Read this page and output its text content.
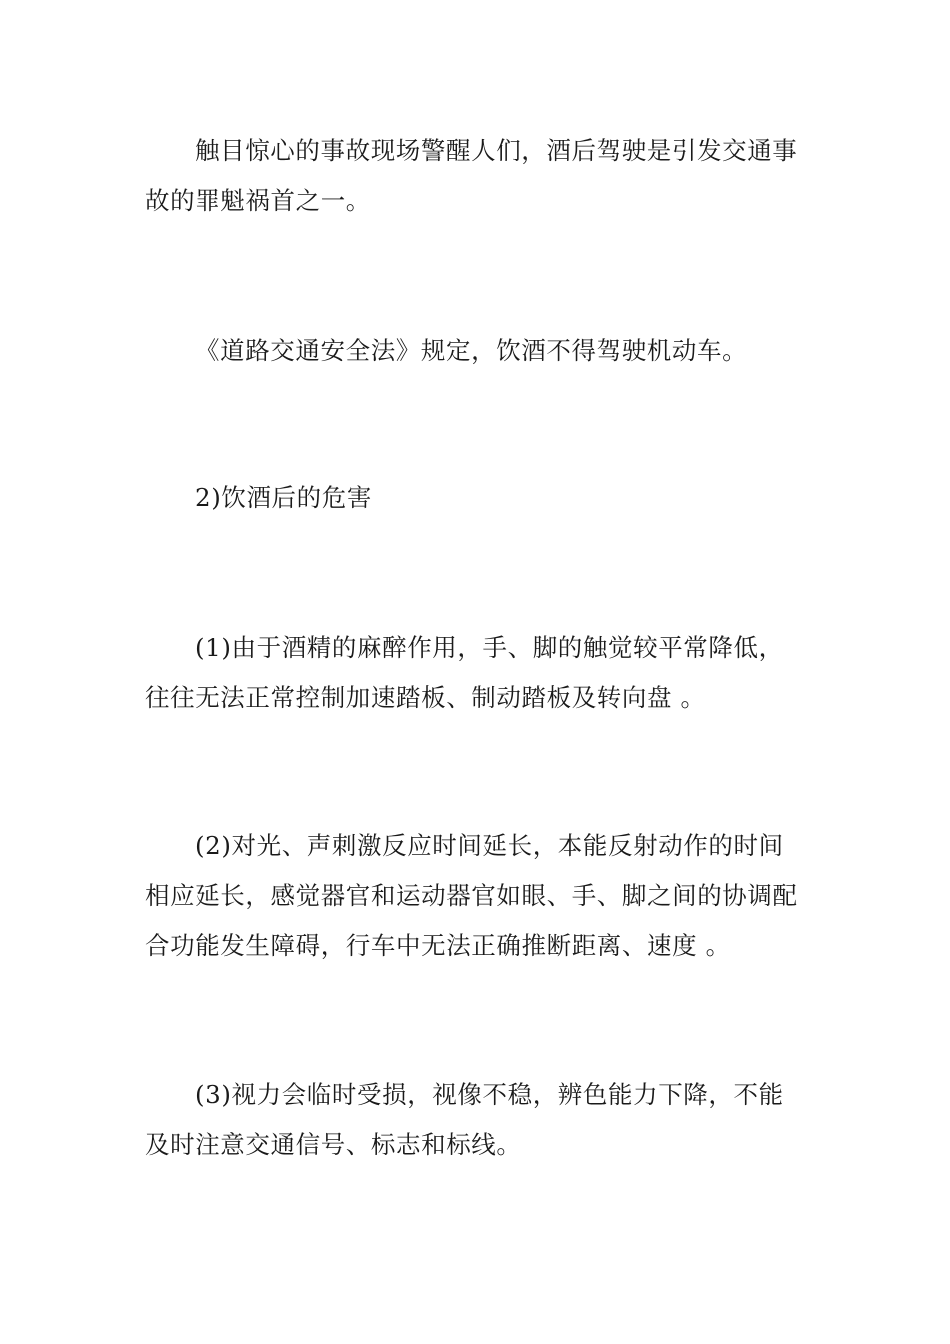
触目惊心的事故现场警醒人们，酒后驾驶是引发交通事故的罪魁祸首之一。

《道路交通安全法》规定，饮酒不得驾驶机动车。

2)饮酒后的危害

(1)由于酒精的麻醉作用，手、脚的触觉较平常降低，往往无法正常控制加速踏板、制动踏板及转向盘 。

(2)对光、声刺激反应时间延长，本能反射动作的时间相应延长，感觉器官和运动器官如眼、手、脚之间的协调配合功能发生障碍，行车中无法正确推断距离、速度 。

(3)视力会临时受损，视像不稳，辨色能力下降，不能及时注意交通信号、标志和标线。
